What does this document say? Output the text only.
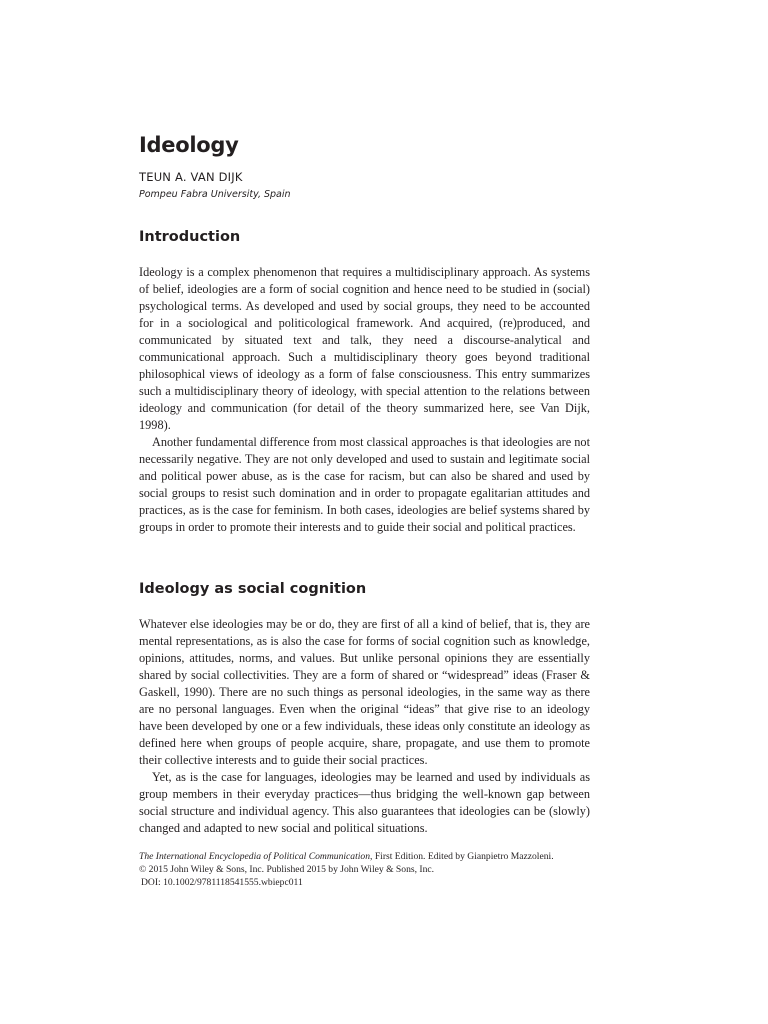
Ideology
TEUN A. VAN DIJK
Pompeu Fabra University, Spain
Introduction

Ideology is a complex phenomenon that requires a multidisciplinary approach. As systems of belief, ideologies are a form of social cognition and hence need to be studied in (social) psychological terms. As developed and used by social groups, they need to be accounted for in a sociological and politicological framework. And acquired, (re)produced, and communicated by situated text and talk, they need a discourse-analytical and communicational approach. Such a multidisciplinary theory goes beyond traditional philosophical views of ideology as a form of false consciousness. This entry summarizes such a multidisciplinary theory of ideology, with special attention to the relations between ideology and communication (for detail of the theory summarized here, see Van Dijk, 1998).

Another fundamental difference from most classical approaches is that ideologies are not necessarily negative. They are not only developed and used to sustain and legitimate social and political power abuse, as is the case for racism, but can also be shared and used by social groups to resist such domination and in order to propagate egalitarian attitudes and practices, as is the case for feminism. In both cases, ideologies are belief systems shared by groups in order to promote their interests and to guide their social and political practices.

Ideology as social cognition

Whatever else ideologies may be or do, they are first of all a kind of belief, that is, they are mental representations, as is also the case for forms of social cognition such as knowledge, opinions, attitudes, norms, and values. But unlike personal opinions they are essentially shared by social collectivities. They are a form of shared or “widespread” ideas (Fraser & Gaskell, 1990). There are no such things as personal ideologies, in the same way as there are no personal languages. Even when the original “ideas” that give rise to an ideology have been developed by one or a few individuals, these ideas only constitute an ideology as defined here when groups of people acquire, share, propagate, and use them to promote their collective interests and to guide their social practices.

Yet, as is the case for languages, ideologies may be learned and used by individuals as group members in their everyday practices—thus bridging the well-known gap between social structure and individual agency. This also guarantees that ideologies can be (slowly) changed and adapted to new social and political situations.

The International Encyclopedia of Political Communication, First Edition. Edited by Gianpietro Mazzoleni.
© 2015 John Wiley & Sons, Inc. Published 2015 by John Wiley & Sons, Inc.
DOI: 10.1002/9781118541555.wbiepc011
